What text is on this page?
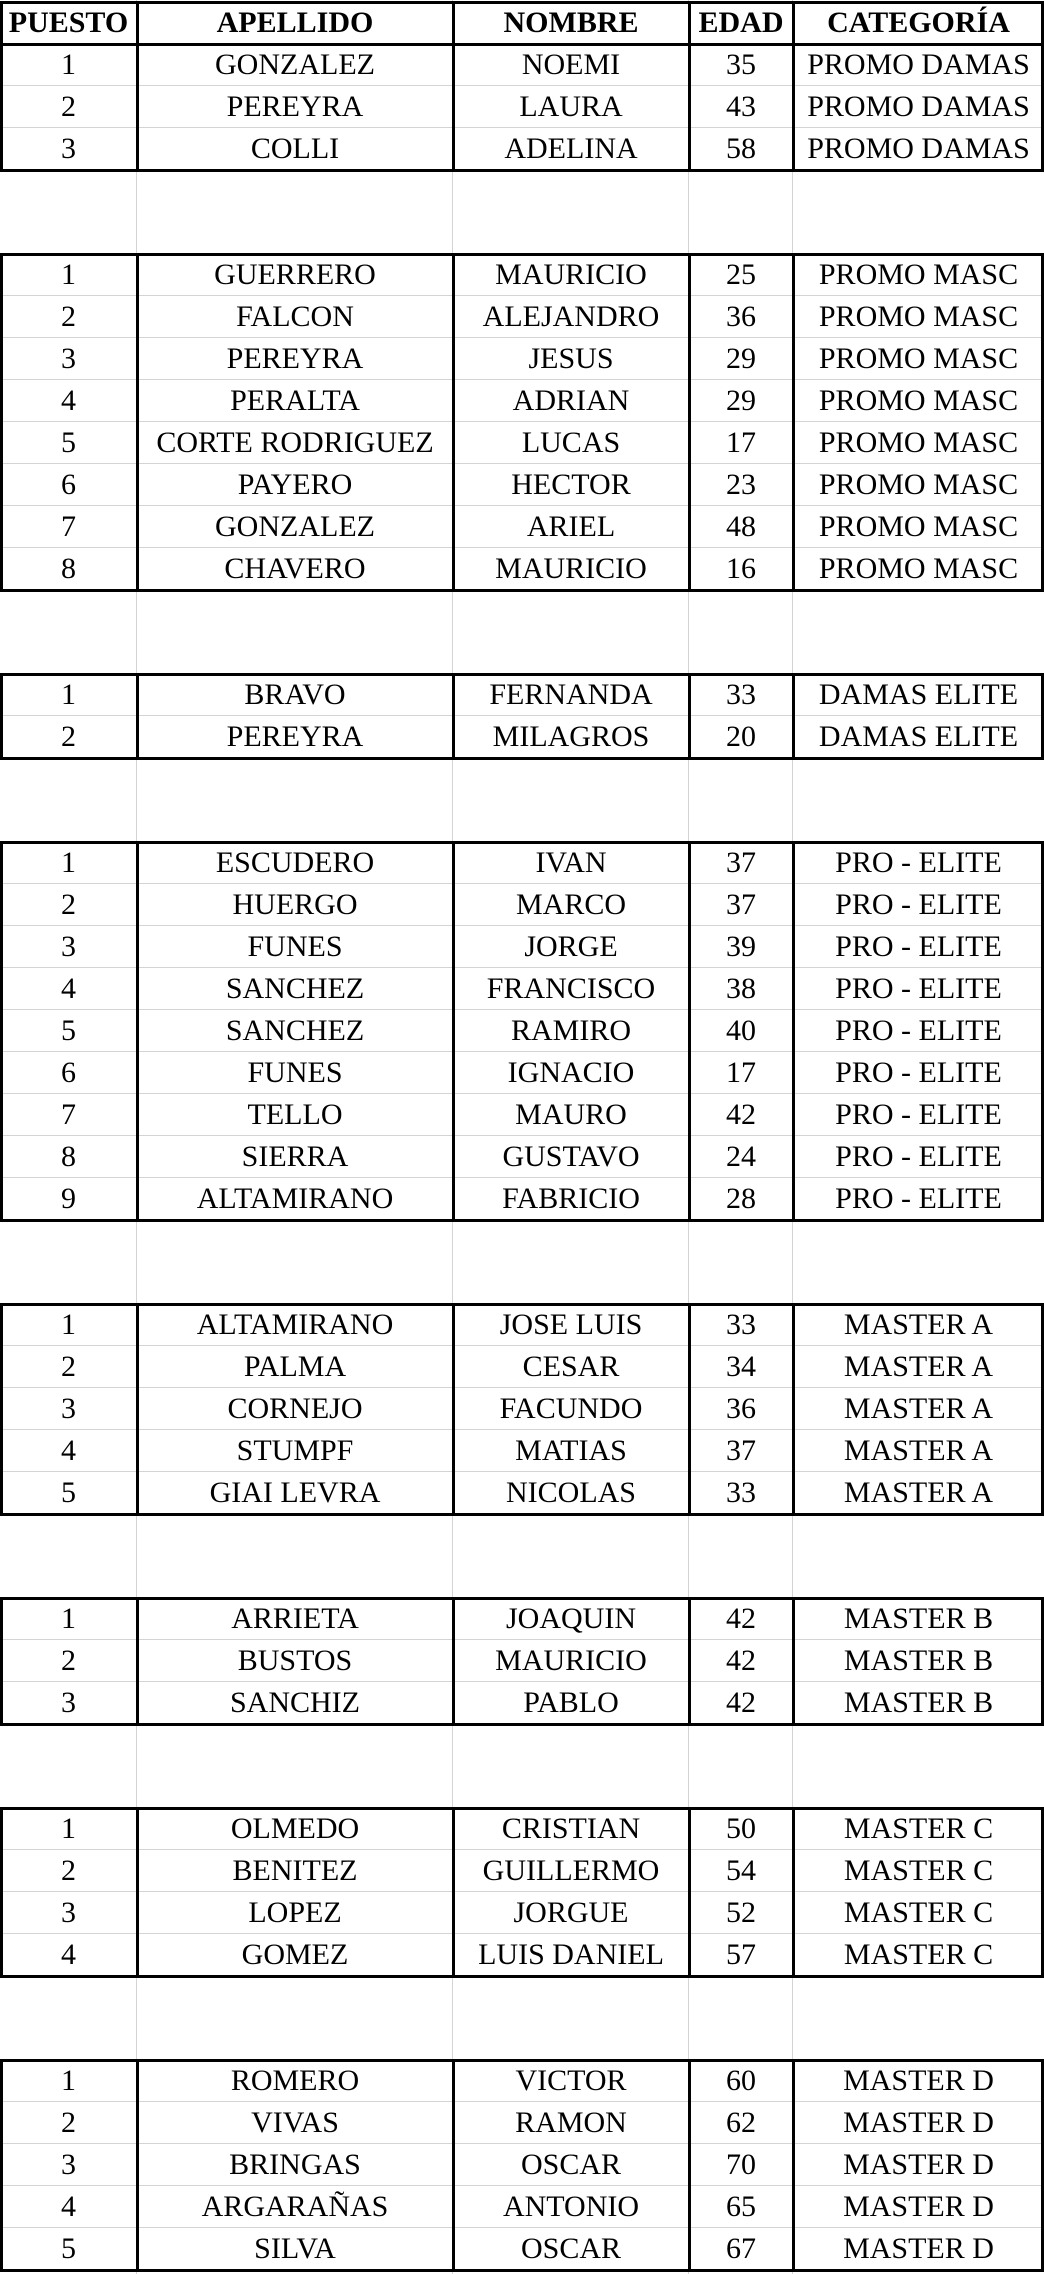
PUESTO	APELLIDO	NOMBRE	EDAD	CATEGORÍA
1	GONZALEZ	NOEMI	35	PROMO DAMAS
2	PEREYRA	LAURA	43	PROMO DAMAS
3	COLLI	ADELINA	58	PROMO DAMAS
1	GUERRERO	MAURICIO	25	PROMO MASC
2	FALCON	ALEJANDRO	36	PROMO MASC
3	PEREYRA	JESUS	29	PROMO MASC
4	PERALTA	ADRIAN	29	PROMO MASC
5	CORTE RODRIGUEZ	LUCAS	17	PROMO MASC
6	PAYERO	HECTOR	23	PROMO MASC
7	GONZALEZ	ARIEL	48	PROMO MASC
8	CHAVERO	MAURICIO	16	PROMO MASC
1	BRAVO	FERNANDA	33	DAMAS ELITE
2	PEREYRA	MILAGROS	20	DAMAS ELITE
1	ESCUDERO	IVAN	37	PRO - ELITE
2	HUERGO	MARCO	37	PRO - ELITE
3	FUNES	JORGE	39	PRO - ELITE
4	SANCHEZ	FRANCISCO	38	PRO - ELITE
5	SANCHEZ	RAMIRO	40	PRO - ELITE
6	FUNES	IGNACIO	17	PRO - ELITE
7	TELLO	MAURO	42	PRO - ELITE
8	SIERRA	GUSTAVO	24	PRO - ELITE
9	ALTAMIRANO	FABRICIO	28	PRO - ELITE
1	ALTAMIRANO	JOSE LUIS	33	MASTER A
2	PALMA	CESAR	34	MASTER A
3	CORNEJO	FACUNDO	36	MASTER A
4	STUMPF	MATIAS	37	MASTER A
5	GIAI LEVRA	NICOLAS	33	MASTER A
1	ARRIETA	JOAQUIN	42	MASTER B
2	BUSTOS	MAURICIO	42	MASTER B
3	SANCHIZ	PABLO	42	MASTER B
1	OLMEDO	CRISTIAN	50	MASTER C
2	BENITEZ	GUILLERMO	54	MASTER C
3	LOPEZ	JORGUE	52	MASTER C
4	GOMEZ	LUIS DANIEL	57	MASTER C
1	ROMERO	VICTOR	60	MASTER D
2	VIVAS	RAMON	62	MASTER D
3	BRINGAS	OSCAR	70	MASTER D
4	ARGARAÑAS	ANTONIO	65	MASTER D
5	SILVA	OSCAR	67	MASTER D
